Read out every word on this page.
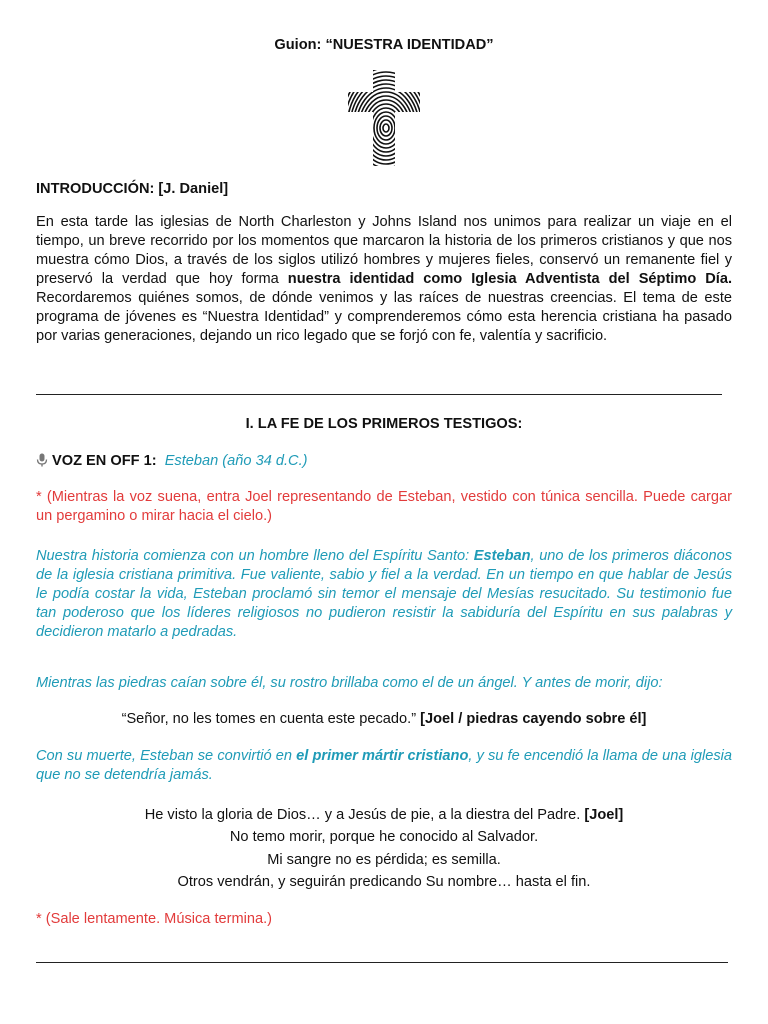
Guion: “NUESTRA IDENTIDAD”
INTRODUCCIÓN: [J. Daniel]
En esta tarde las iglesias de North Charleston y Johns Island nos unimos para realizar un viaje en el tiempo, un breve recorrido por los momentos que marcaron la historia de los primeros cristianos y que nos muestra cómo Dios, a través de los siglos utilizó hombres y mujeres fieles, conservó un remanente fiel y preservó la verdad que hoy forma nuestra identidad como Iglesia Adventista del Séptimo Día. Recordaremos quiénes somos, de dónde venimos y las raíces de nuestras creencias. El tema de este programa de jóvenes es “Nuestra Identidad” y comprenderemos cómo esta herencia cristiana ha pasado por varias generaciones, dejando un rico legado que se forjó con fe, valentía y sacrificio.
I. LA FE DE LOS PRIMEROS TESTIGOS:
VOZ EN OFF 1: Esteban (año 34 d.C.)
* (Mientras la voz suena, entra Joel representando de Esteban, vestido con túnica sencilla. Puede cargar un pergamino o mirar hacia el cielo.)
Nuestra historia comienza con un hombre lleno del Espíritu Santo: Esteban, uno de los primeros diáconos de la iglesia cristiana primitiva. Fue valiente, sabio y fiel a la verdad. En un tiempo en que hablar de Jesús le podía costar la vida, Esteban proclamó sin temor el mensaje del Mesías resucitado. Su testimonio fue tan poderoso que los líderes religiosos no pudieron resistir la sabiduría del Espíritu en sus palabras y decidieron matarlo a pedradas.
Mientras las piedras caían sobre él, su rostro brillaba como el de un ángel. Y antes de morir, dijo:
“Señor, no les tomes en cuenta este pecado.” [Joel / piedras cayendo sobre él]
Con su muerte, Esteban se convirtió en el primer mártir cristiano, y su fe encendió la llama de una iglesia que no se detendría jamás.
He visto la gloria de Dios… y a Jesús de pie, a la diestra del Padre. [Joel]
No temo morir, porque he conocido al Salvador.
Mi sangre no es pérdida; es semilla.
Otros vendrán, y seguirán predicando Su nombre… hasta el fin.
* (Sale lentamente. Música termina.)
